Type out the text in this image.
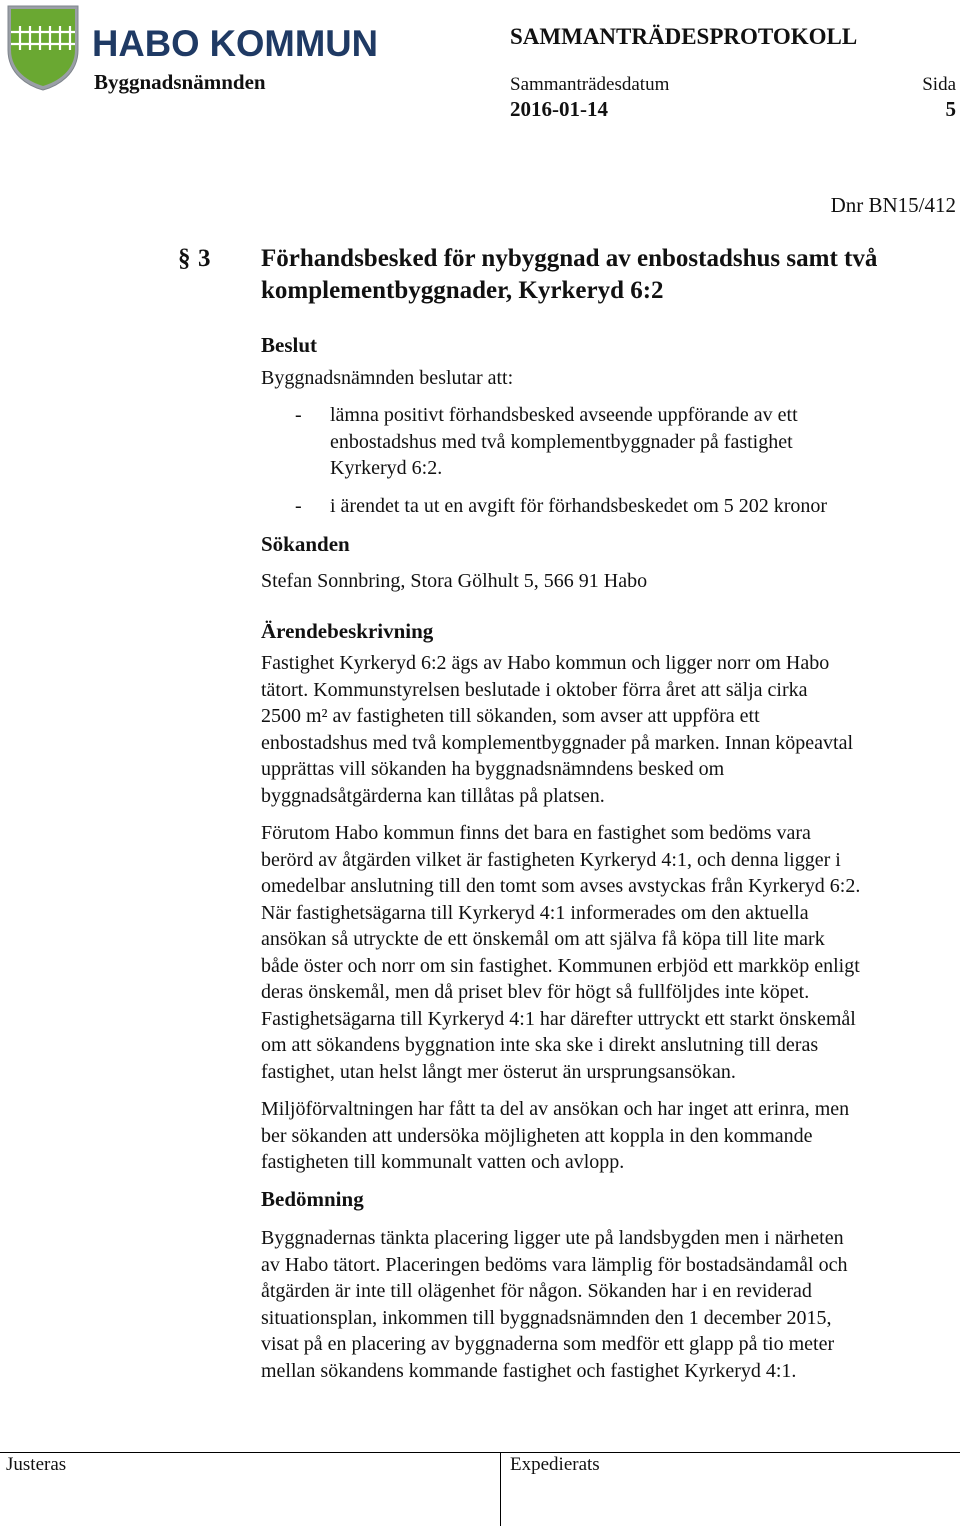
HABO KOMMUN	SAMMANTRÄDESPROTOKOLL
Byggnadsnämnden	Sammanträdesdatum	Sida
2016-01-14	5
Dnr BN15/412
§ 3 Förhandsbesked för nybyggnad av enbostadshus samt två
komplementbyggnader, Kyrkeryd 6:2
Beslut
Byggnadsnämnden beslutar att:
- lämna positivt förhandsbesked avseende uppförande av ett
enbostadshus med två komplementbyggnader på fastighet
Kyrkeryd 6:2.
- i ärendet ta ut en avgift för förhandsbeskedet om 5 202 kronor
Sökanden
Stefan Sonnbring, Stora Gölhult 5, 566 91 Habo
Ärendebeskrivning
Fastighet Kyrkeryd 6:2 ägs av Habo kommun och ligger norr om Habo
tätort. Kommunstyrelsen beslutade i oktober förra året att sälja cirka
2500 m² av fastigheten till sökanden, som avser att uppföra ett
enbostadshus med två komplementbyggnader på marken. Innan köpeavtal
upprättas vill sökanden ha byggnadsnämndens besked om
byggnadsåtgärderna kan tillåtas på platsen.
Förutom Habo kommun finns det bara en fastighet som bedöms vara
berörd av åtgärden vilket är fastigheten Kyrkeryd 4:1, och denna ligger i
omedelbar anslutning till den tomt som avses avstyckas från Kyrkeryd 6:2.
När fastighetsägarna till Kyrkeryd 4:1 informerades om den aktuella
ansökan så utryckte de ett önskemål om att själva få köpa till lite mark
både öster och norr om sin fastighet. Kommunen erbjöd ett markköp enligt
deras önskemål, men då priset blev för högt så fullföljdes inte köpet.
Fastighetsägarna till Kyrkeryd 4:1 har därefter uttryckt ett starkt önskemål
om att sökandens byggnation inte ska ske i direkt anslutning till deras
fastighet, utan helst långt mer österut än ursprungsansökan.
Miljöförvaltningen har fått ta del av ansökan och har inget att erinra, men
ber sökanden att undersöka möjligheten att koppla in den kommande
fastigheten till kommunalt vatten och avlopp.
Bedömning
Byggnadernas tänkta placering ligger ute på landsbygden men i närheten
av Habo tätort. Placeringen bedöms vara lämplig för bostadsändamål och
åtgärden är inte till olägenhet för någon. Sökanden har i en reviderad
situationsplan, inkommen till byggnadsnämnden den 1 december 2015,
visat på en placering av byggnaderna som medför ett glapp på tio meter
mellan sökandens kommande fastighet och fastighet Kyrkeryd 4:1.
Justeras	Expedierats
